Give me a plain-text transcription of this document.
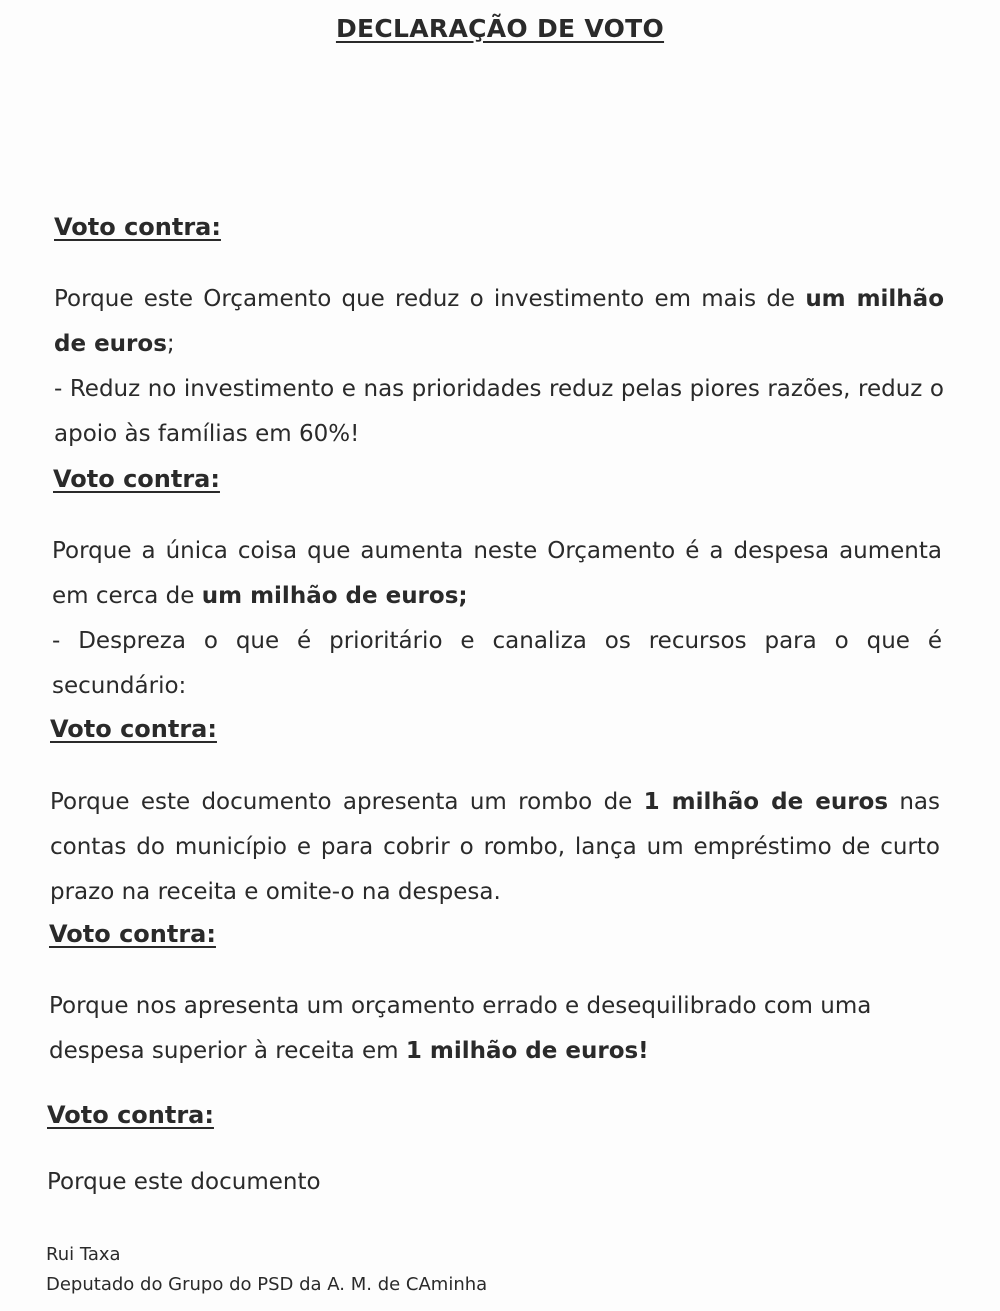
DECLARAÇÃO DE VOTO
Voto contra:

Porque este Orçamento que reduz o investimento em mais de um milhão de euros;

- Reduz no investimento e nas prioridades reduz pelas piores razões, reduz o apoio às famílias em 60%!

Voto contra:

Porque a única coisa que aumenta neste Orçamento é a despesa aumenta em cerca de um milhão de euros;

- Despreza o que é prioritário e canaliza os recursos para o que é secundário:

Voto contra:

Porque este documento apresenta um rombo de 1 milhão de euros nas contas do município e para cobrir o rombo, lança um empréstimo de curto prazo na receita e omite-o na despesa.

Voto contra:

Porque nos apresenta um orçamento errado e desequilibrado com uma despesa superior à receita em 1 milhão de euros!

Voto contra:

Porque este documento

Rui Taxa
Deputado do Grupo do PSD da A. M. de CAminha
